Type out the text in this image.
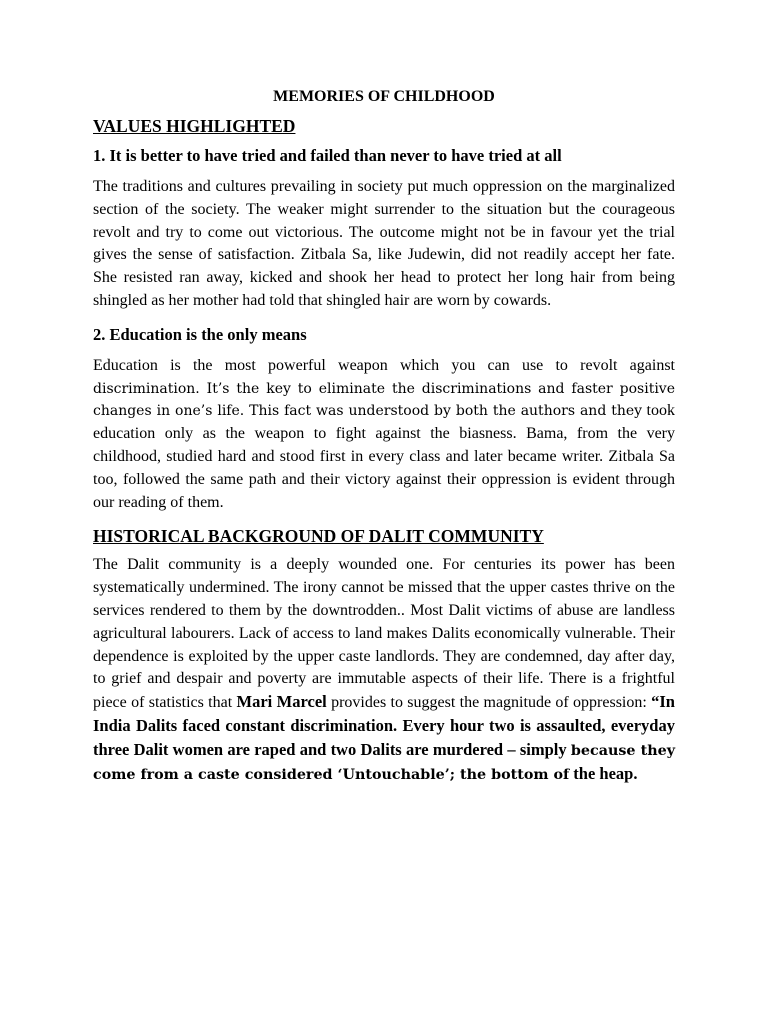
MEMORIES OF CHILDHOOD
VALUES HIGHLIGHTED
1. It is better to have tried and failed than never to have tried at all

The traditions and cultures prevailing in society put much oppression on the marginalized section of the society. The weaker might surrender to the situation but the courageous revolt and try to come out victorious. The outcome might not be in favour yet the trial gives the sense of satisfaction. Zitbala Sa, like Judewin, did not readily accept her fate. She resisted ran away, kicked and shook her head to protect her long hair from being shingled as her mother had told that shingled hair are worn by cowards.

2. Education is the only means

Education is the most powerful weapon which you can use to revolt against discrimination. It’s the key to eliminate the discriminations and faster positive changes in one’s life. This fact was understood by both the authors and they took education only as the weapon to fight against the biasness. Bama, from the very childhood, studied hard and stood first in every class and later became writer. Zitbala Sa too, followed the same path and their victory against their oppression is evident through our reading of them.

HISTORICAL BACKGROUND OF DALIT COMMUNITY

The Dalit community is a deeply wounded one. For centuries its power has been systematically undermined. The irony cannot be missed that the upper castes thrive on the services rendered to them by the downtrodden.. Most Dalit victims of abuse are landless agricultural labourers. Lack of access to land makes Dalits economically vulnerable. Their dependence is exploited by the upper caste landlords. They are condemned, day after day, to grief and despair and poverty are immutable aspects of their life. There is a frightful piece of statistics that Mari Marcel provides to suggest the magnitude of oppression: “In India Dalits faced constant discrimination. Every hour two is assaulted, everyday three Dalit women are raped and two Dalits are murdered – simply because they come from a caste considered ‘Untouchable’; the bottom of the heap.
